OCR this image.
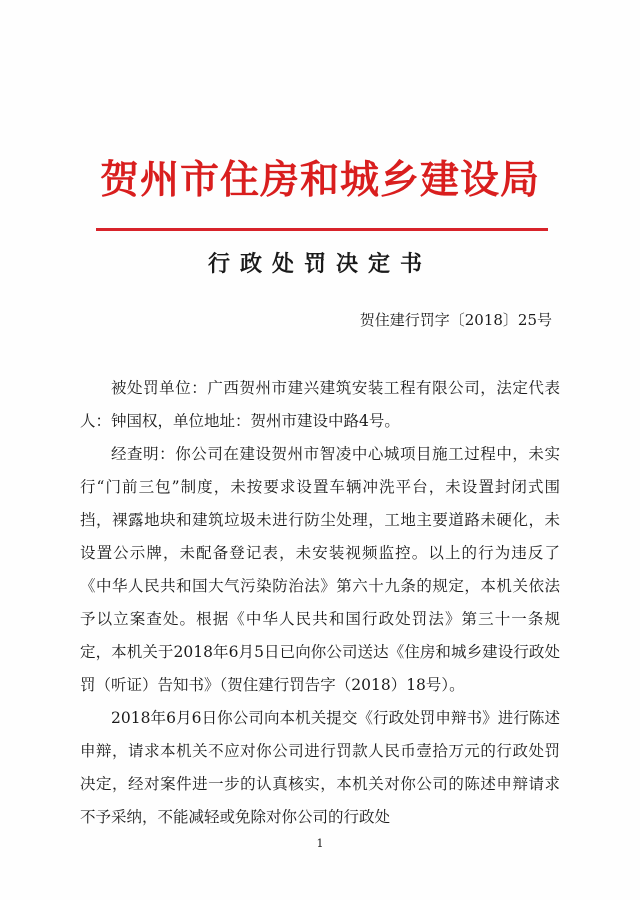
贺州市住房和城乡建设局
行政处罚决定书
贺住建行罚字〔2018〕25号

被处罚单位：广西贺州市建兴建筑安装工程有限公司，法定代表人：钟国权，单位地址：贺州市建设中路4号。

经查明：你公司在建设贺州市智凌中心城项目施工过程中，未实行“门前三包”制度，未按要求设置车辆冲洗平台，未设置封闭式围挡，裸露地块和建筑垃圾未进行防尘处理，工地主要道路未硬化，未设置公示牌，未配备登记表，未安装视频监控。以上的行为违反了《中华人民共和国大气污染防治法》第六十九条的规定，本机关依法予以立案查处。根据《中华人民共和国行政处罚法》第三十一条规定，本机关于2018年6月5日已向你公司送达《住房和城乡建设行政处罚（听证）告知书》（贺住建行罚告字（2018）18号）。

2018年6月6日你公司向本机关提交《行政处罚申辩书》进行陈述申辩，请求本机关不应对你公司进行罚款人民币壹拾万元的行政处罚决定，经对案件进一步的认真核实，本机关对你公司的陈述申辩请求不予采纳，不能减轻或免除对你公司的行政处

1
